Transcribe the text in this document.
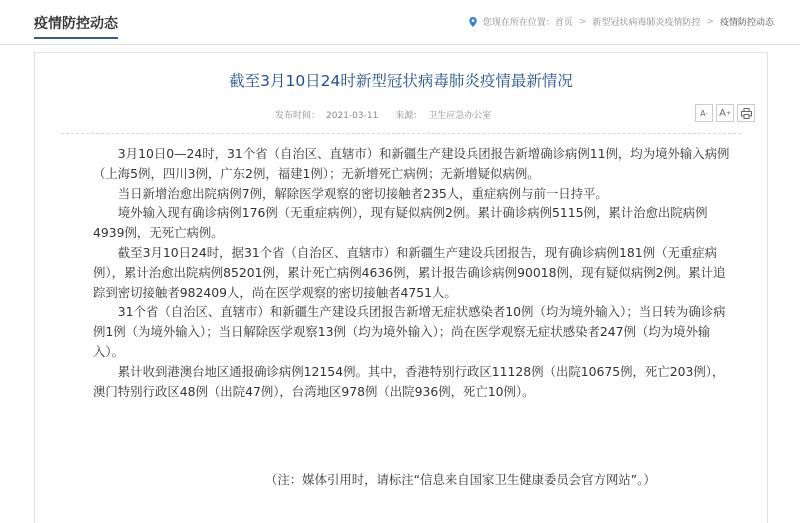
疫情防控动态	您现在所在位置： 首页 > 新型冠状病毒肺炎疫情防控 > 疫情防控动态
截至3月10日24时新型冠状病毒肺炎疫情最新情况
发布时间： 2021-03-11 来源： 卫生应急办公室	A - A +

3月10日0—24时，31个省（自治区、直辖市）和新疆生产建设兵团报告新增确诊病例11例，均为境外输入病例（上海5例，四川3例，广东2例，福建1例）；无新增死亡病例；无新增疑似病例。

当日新增治愈出院病例7例，解除医学观察的密切接触者235人，重症病例与前一日持平。

境外输入现有确诊病例176例（无重症病例），现有疑似病例2例。累计确诊病例5115例，累计治愈出院病例4939例，无死亡病例。

截至3月10日24时，据31个省（自治区、直辖市）和新疆生产建设兵团报告，现有确诊病例181例（无重症病例），累计治愈出院病例85201例，累计死亡病例4636例，累计报告确诊病例90018例，现有疑似病例2例。累计追踪到密切接触者982409人，尚在医学观察的密切接触者4751人。

31个省（自治区、直辖市）和新疆生产建设兵团报告新增无症状感染者10例（均为境外输入）；当日转为确诊病例1例（为境外输入）；当日解除医学观察13例（均为境外输入）；尚在医学观察无症状感染者247例（均为境外输入）。

累计收到港澳台地区通报确诊病例12154例。其中，香港特别行政区11128例（出院10675例，死亡203例），澳门特别行政区48例（出院47例），台湾地区978例（出院936例，死亡10例）。

（注：媒体引用时，请标注“信息来自国家卫生健康委员会官方网站”。）
